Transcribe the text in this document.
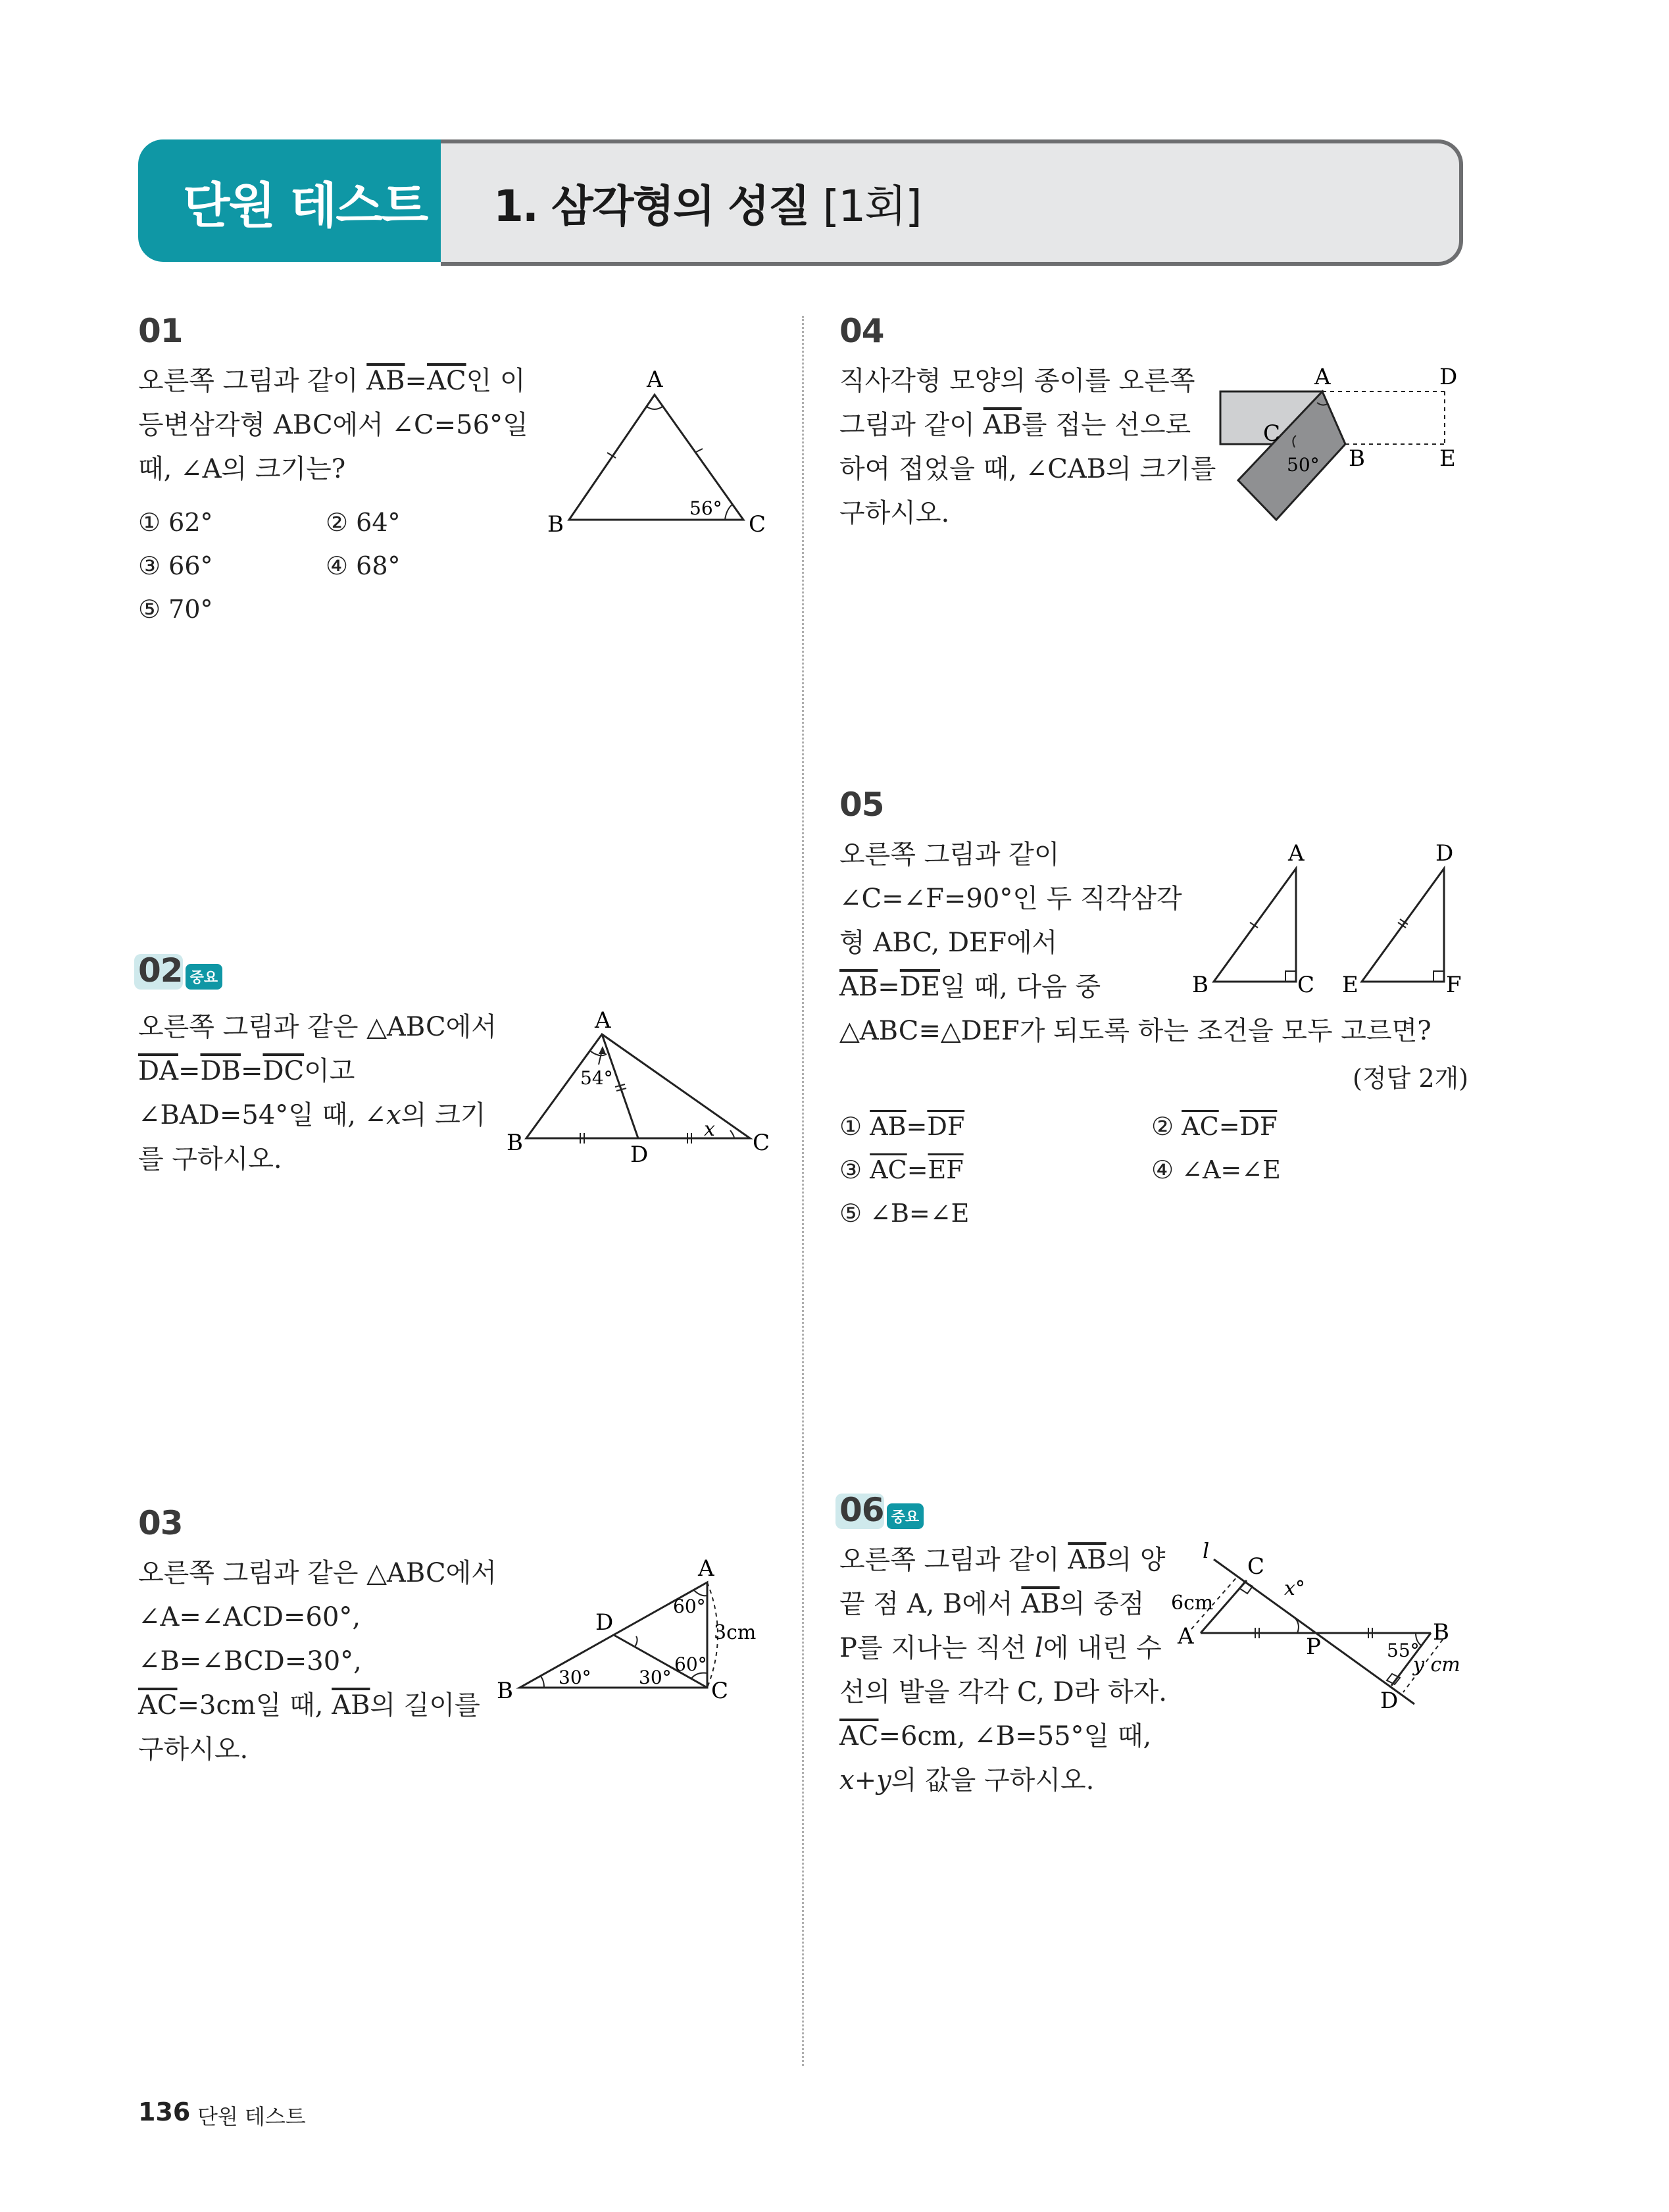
단원 테스트 1. 삼각형의 성질 [1회]
01
오른쪽 그림과 같이 $\overline{AB}=\overline{AC}$인 이
등변삼각형 ABC에서 ∠C=56°일
때, ∠A의 크기는?
① 62°	② 64°
③ 66°	④ 68°
⑤ 70°
A
B	C
56°
02 중요
오른쪽 그림과 같은 △ABC에서
$\overline{DA}=\overline{DB}=\overline{DC}$이고
∠BAD=54°일 때, ∠x의 크기
를 구하시오.
A
B	C
D
54°
x
03
오른쪽 그림과 같은 △ABC에서
∠A=∠ACD=60°,
∠B=∠BCD=30°,
$\overline{AC}=3cm$일 때, $\overline{AB}$의 길이를
구하시오.
A
B	C
D
60°
60°
30°	30°
3cm
04
직사각형 모양의 종이를 오른쪽
그림과 같이 $\overline{AB}$를 접는 선으로
하여 접었을 때, ∠CAB의 크기를
구하시오.
A	D
C
B	E
50°
05
오른쪽 그림과 같이
∠C=∠F=90°인 두 직각삼각
형 ABC, DEF에서
$\overline{AB}=\overline{DE}$일 때, 다음 중
△ABC≡△DEF가 되도록 하는 조건을 모두 고르면?
(정답 2개)
① $\overline{AB}=\overline{DF}$	② $\overline{AC}=\overline{DF}$
③ $\overline{AC}=\overline{EF}$	④ ∠A=∠E
⑤ ∠B=∠E
A
B	C
D
E	F
06 중요
오른쪽 그림과 같이 $\overline{AB}$의 양
끝 점 A, B에서 $\overline{AB}$의 중점
P를 지나는 직선 l에 내린 수
선의 발을 각각 C, D라 하자.
$\overline{AC}=6cm$, ∠B=55°일 때,
x+y의 값을 구하시오.
l
C
A	B
P
D
x°
6cm
55°
y cm
136 단원 테스트
